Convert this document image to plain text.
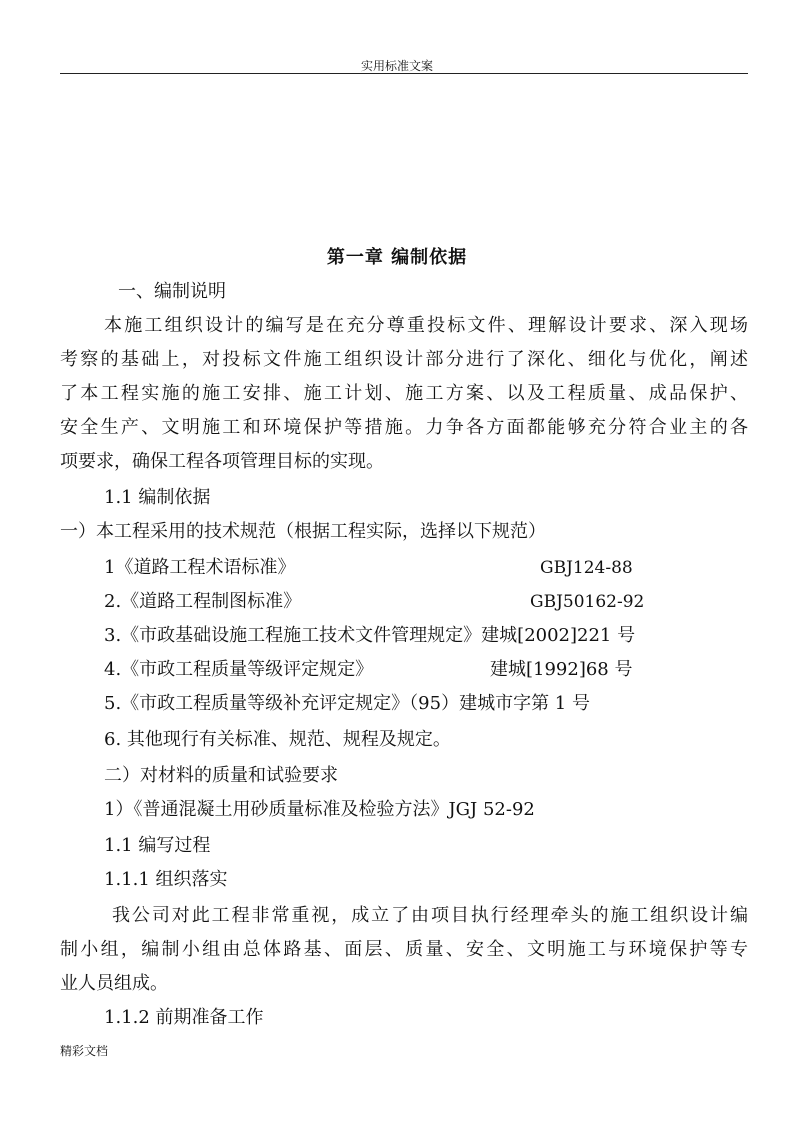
实用标准文案
第一章 编制依据
一、编制说明
本施工组织设计的编写是在充分尊重投标文件、理解设计要求、深入现场
考察的基础上，对投标文件施工组织设计部分进行了深化、细化与优化，阐述
了本工程实施的施工安排、施工计划、施工方案、以及工程质量、成品保护、
安全生产、文明施工和环境保护等措施。力争各方面都能够充分符合业主的各
项要求，确保工程各项管理目标的实现。
1.1 编制依据
一）本工程采用的技术规范（根据工程实际，选择以下规范）
1《道路工程术语标准》	GBJ124-88
2.《道路工程制图标准》	GBJ50162-92
3.《市政基础设施工程施工技术文件管理规定》建城[2002]221 号
4.《市政工程质量等级评定规定》	建城[1992]68 号
5.《市政工程质量等级补充评定规定》（95）建城市字第 1 号
6. 其他现行有关标准、规范、规程及规定。
二）对材料的质量和试验要求
1）《普通混凝土用砂质量标准及检验方法》JGJ 52-92
1.1 编写过程
1.1.1 组织落实
我公司对此工程非常重视，成立了由项目执行经理牵头的施工组织设计编
制小组，编制小组由总体路基、面层、质量、安全、文明施工与环境保护等专
业人员组成。
1.1.2 前期准备工作
精彩文档
